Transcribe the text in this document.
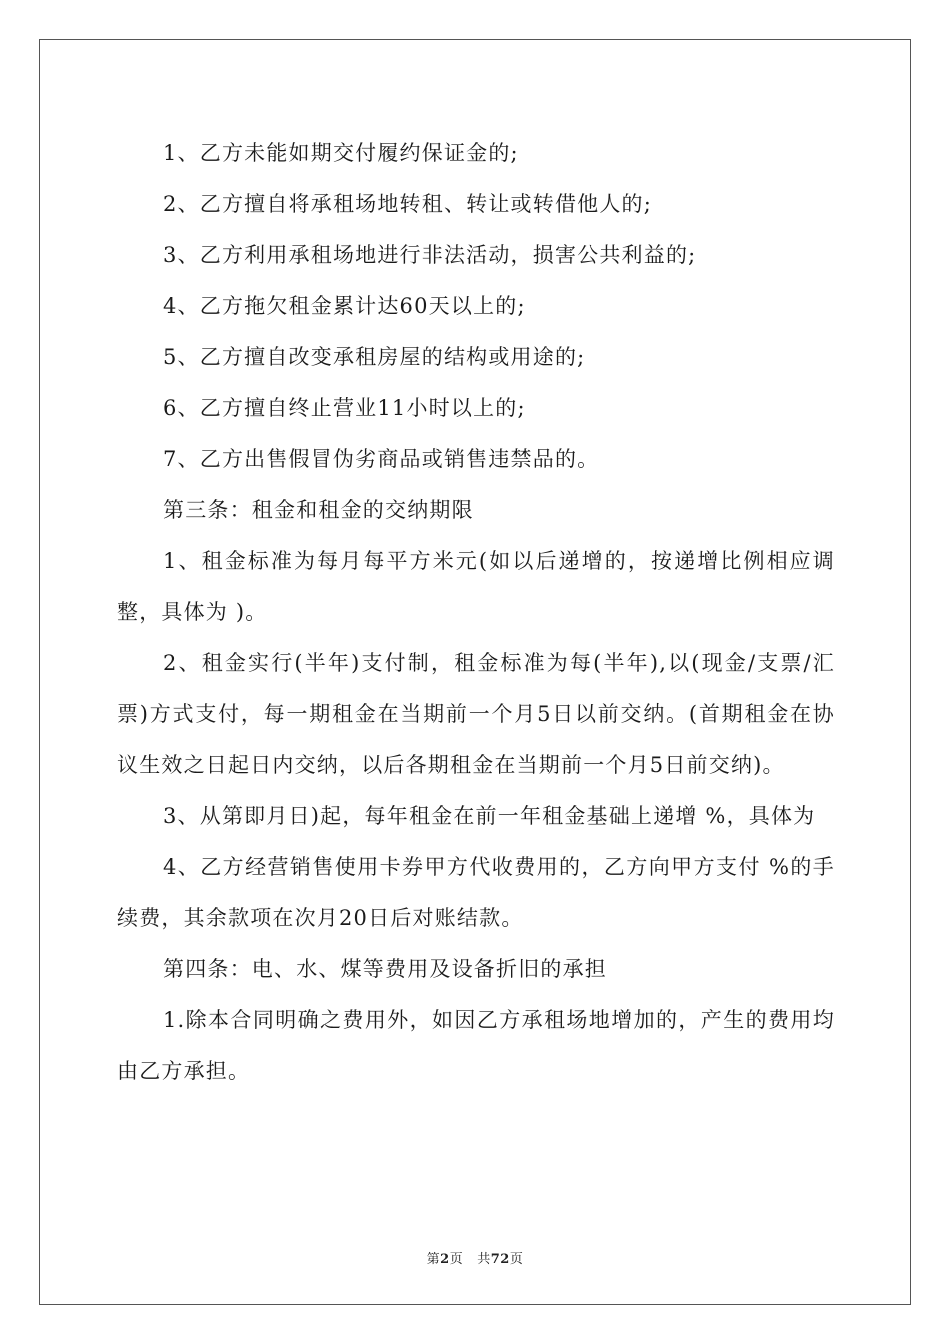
1、乙方未能如期交付履约保证金的;

2、乙方擅自将承租场地转租、转让或转借他人的;

3、乙方利用承租场地进行非法活动，损害公共利益的;

4、乙方拖欠租金累计达60天以上的;

5、乙方擅自改变承租房屋的结构或用途的;

6、乙方擅自终止营业11小时以上的;

7、乙方出售假冒伪劣商品或销售违禁品的。

第三条：租金和租金的交纳期限

1、租金标准为每月每平方米元(如以后递增的，按递增比例相应调整，具体为 )。

2、租金实行(半年)支付制，租金标准为每(半年),以(现金/支票/汇票)方式支付，每一期租金在当期前一个月5日以前交纳。(首期租金在协议生效之日起日内交纳，以后各期租金在当期前一个月5日前交纳)。

3、从第即月日)起，每年租金在前一年租金基础上递增 %，具体为

4、乙方经营销售使用卡券甲方代收费用的，乙方向甲方支付 %的手续费，其余款项在次月20日后对账结款。

第四条：电、水、煤等费用及设备折旧的承担

1.除本合同明确之费用外，如因乙方承租场地增加的，产生的费用均由乙方承担。

第2页 共72页
